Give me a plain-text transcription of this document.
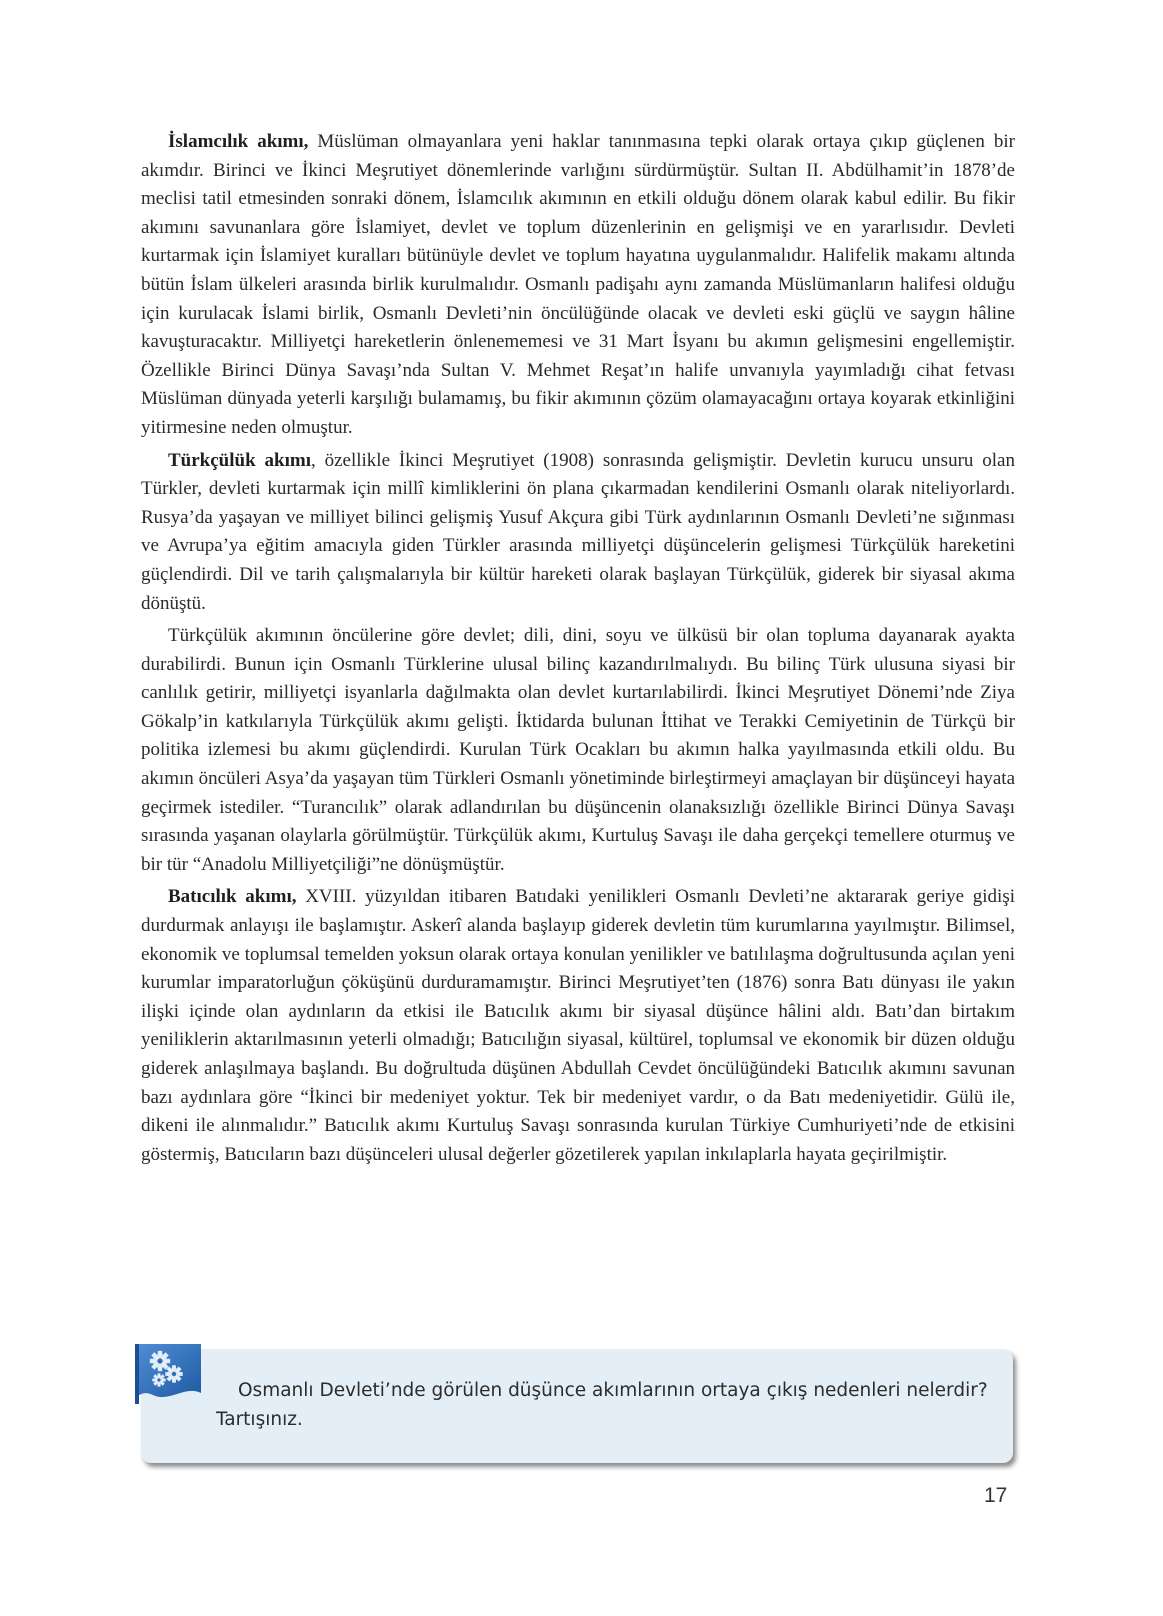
İslamcılık akımı, Müslüman olmayanlara yeni haklar tanınmasına tepki olarak ortaya çıkıp güçlenen bir akımdır. Birinci ve İkinci Meşrutiyet dönemlerinde varlığını sürdürmüştür. Sultan II. Abdülhamit’in 1878’de meclisi tatil etmesinden sonraki dönem, İslamcılık akımının en etkili olduğu dönem olarak kabul edilir. Bu fikir akımını savunanlara göre İslamiyet, devlet ve toplum düzenlerinin en gelişmişi ve en yararlısıdır. Devleti kurtarmak için İslamiyet kuralları bütünüyle devlet ve toplum hayatına uygulanmalıdır. Halifelik makamı altında bütün İslam ülkeleri arasında birlik kurulmalıdır. Osmanlı padişahı aynı zamanda Müslümanların halifesi olduğu için kurulacak İslami birlik, Osmanlı Devleti’nin öncülüğünde olacak ve devleti eski güçlü ve saygın hâline kavuşturacaktır. Milliyetçi hareketlerin önlenememesi ve 31 Mart İsyanı bu akımın gelişmesini engellemiştir. Özellikle Birinci Dünya Savaşı’nda Sultan V. Mehmet Reşat’ın halife unvanıyla yayımladığı cihat fetvası Müslüman dünyada yeterli karşılığı bulamamış, bu fikir akımının çözüm olamayacağını ortaya koyarak etkinliğini yitirmesine neden olmuştur.

Türkçülük akımı, özellikle İkinci Meşrutiyet (1908) sonrasında gelişmiştir. Devletin kurucu unsuru olan Türkler, devleti kurtarmak için millî kimliklerini ön plana çıkarmadan kendilerini Osmanlı olarak niteliyorlardı. Rusya’da yaşayan ve milliyet bilinci gelişmiş Yusuf Akçura gibi Türk aydınlarının Osmanlı Devleti’ne sığınması ve Avrupa’ya eğitim amacıyla giden Türkler arasında milliyetçi düşüncelerin gelişmesi Türkçülük hareketini güçlendirdi. Dil ve tarih çalışmalarıyla bir kültür hareketi olarak başlayan Türkçülük, giderek bir siyasal akıma dönüştü.

Türkçülük akımının öncülerine göre devlet; dili, dini, soyu ve ülküsü bir olan topluma dayanarak ayakta durabilirdi. Bunun için Osmanlı Türklerine ulusal bilinç kazandırılmalıydı. Bu bilinç Türk ulusuna siyasi bir canlılık getirir, milliyetçi isyanlarla dağılmakta olan devlet kurtarılabilirdi. İkinci Meşrutiyet Dönemi’nde Ziya Gökalp’in katkılarıyla Türkçülük akımı gelişti. İktidarda bulunan İttihat ve Terakki Cemiyetinin de Türkçü bir politika izlemesi bu akımı güçlendirdi. Kurulan Türk Ocakları bu akımın halka yayılmasında etkili oldu. Bu akımın öncüleri Asya’da yaşayan tüm Türkleri Osmanlı yönetiminde birleştirmeyi amaçlayan bir düşünceyi hayata geçirmek istediler. “Turancılık” olarak adlandırılan bu düşüncenin olanaksızlığı özellikle Birinci Dünya Savaşı sırasında yaşanan olaylarla görülmüştür. Türkçülük akımı, Kurtuluş Savaşı ile daha gerçekçi temellere oturmuş ve bir tür “Anadolu Milliyetçiliği”ne dönüşmüştür.

Batıcılık akımı, XVIII. yüzyıldan itibaren Batıdaki yenilikleri Osmanlı Devleti’ne aktararak geriye gidişi durdurmak anlayışı ile başlamıştır. Askerî alanda başlayıp giderek devletin tüm kurumlarına yayılmıştır. Bilimsel, ekonomik ve toplumsal temelden yoksun olarak ortaya konulan yenilikler ve batılılaşma doğrultusunda açılan yeni kurumlar imparatorluğun çöküşünü durduramamıştır. Birinci Meşrutiyet’ten (1876) sonra Batı dünyası ile yakın ilişki içinde olan aydınların da etkisi ile Batıcılık akımı bir siyasal düşünce hâlini aldı. Batı’dan birtakım yeniliklerin aktarılmasının yeterli olmadığı; Batıcılığın siyasal, kültürel, toplumsal ve ekonomik bir düzen olduğu giderek anlaşılmaya başlandı. Bu doğrultuda düşünen Abdullah Cevdet öncülüğündeki Batıcılık akımını savunan bazı aydınlara göre “İkinci bir medeniyet yoktur. Tek bir medeniyet vardır, o da Batı medeniyetidir. Gülü ile, dikeni ile alınmalıdır.” Batıcılık akımı Kurtuluş Savaşı sonrasında kurulan Türkiye Cumhuriyeti’nde de etkisini göstermiş, Batıcıların bazı düşünceleri ulusal değerler gözetilerek yapılan inkılaplarla hayata geçirilmiştir.

Osmanlı Devleti’nde görülen düşünce akımlarının ortaya çıkış nedenleri nelerdir? Tartışınız.

17
